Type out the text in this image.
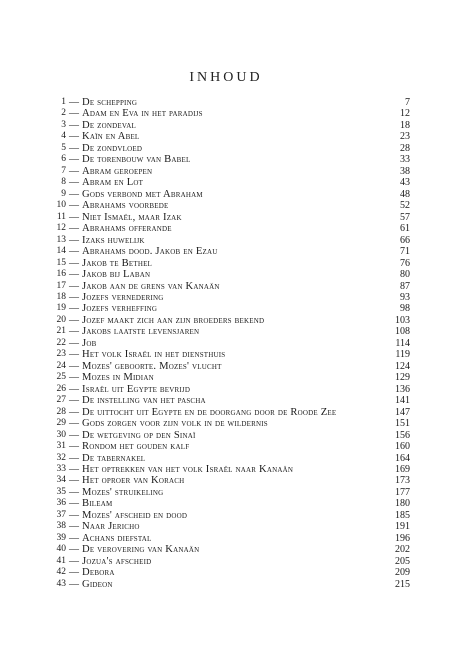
INHOUD
1 — De schepping	7
2 — Adam en Eva in het paradijs	12
3 — De zondeval	18
4 — Kaïn en Abel	23
5 — De zondvloed	28
6 — De torenbouw van Babel	33
7 — Abram geroepen	38
8 — Abram en Lot	43
9 — Gods verbond met Abraham	48
10 — Abrahams voorbede	52
11 — Niet Ismaël, maar Izak	57
12 — Abrahams offerande	61
13 — Izaks huwelijk	66
14 — Abrahams dood. Jakob en Ezau	71
15 — Jakob te Bethel	76
16 — Jakob bij Laban	80
17 — Jakob aan de grens van Kanaän	87
18 — Jozefs vernedering	93
19 — Jozefs verheffing	98
20 — Jozef maakt zich aan zijn broeders bekend	103
21 — Jakobs laatste levensjaren	108
22 — Job	114
23 — Het volk Israël in het diensthuis	119
24 — Mozes' geboorte. Mozes' vlucht	124
25 — Mozes in Midian	129
26 — Israël uit Egypte bevrijd	136
27 — De instelling van het pascha	141
28 — De uittocht uit Egypte en de doorgang door de Roode Zee	147
29 — Gods zorgen voor zijn volk in de wildernis	151
30 — De wetgeving op den Sinaï	156
31 — Rondom het gouden kalf	160
32 — De tabernakel	164
33 — Het optrekken van het volk Israël naar Kanaän	169
34 — Het oproer van Korach	173
35 — Mozes' struikeling	177
36 — Bileam	180
37 — Mozes' afscheid en dood	185
38 — Naar Jericho	191
39 — Achans diefstal	196
40 — De verovering van Kanaän	202
41 — Jozua's afscheid	205
42 — Debora	209
43 — Gideon	215
